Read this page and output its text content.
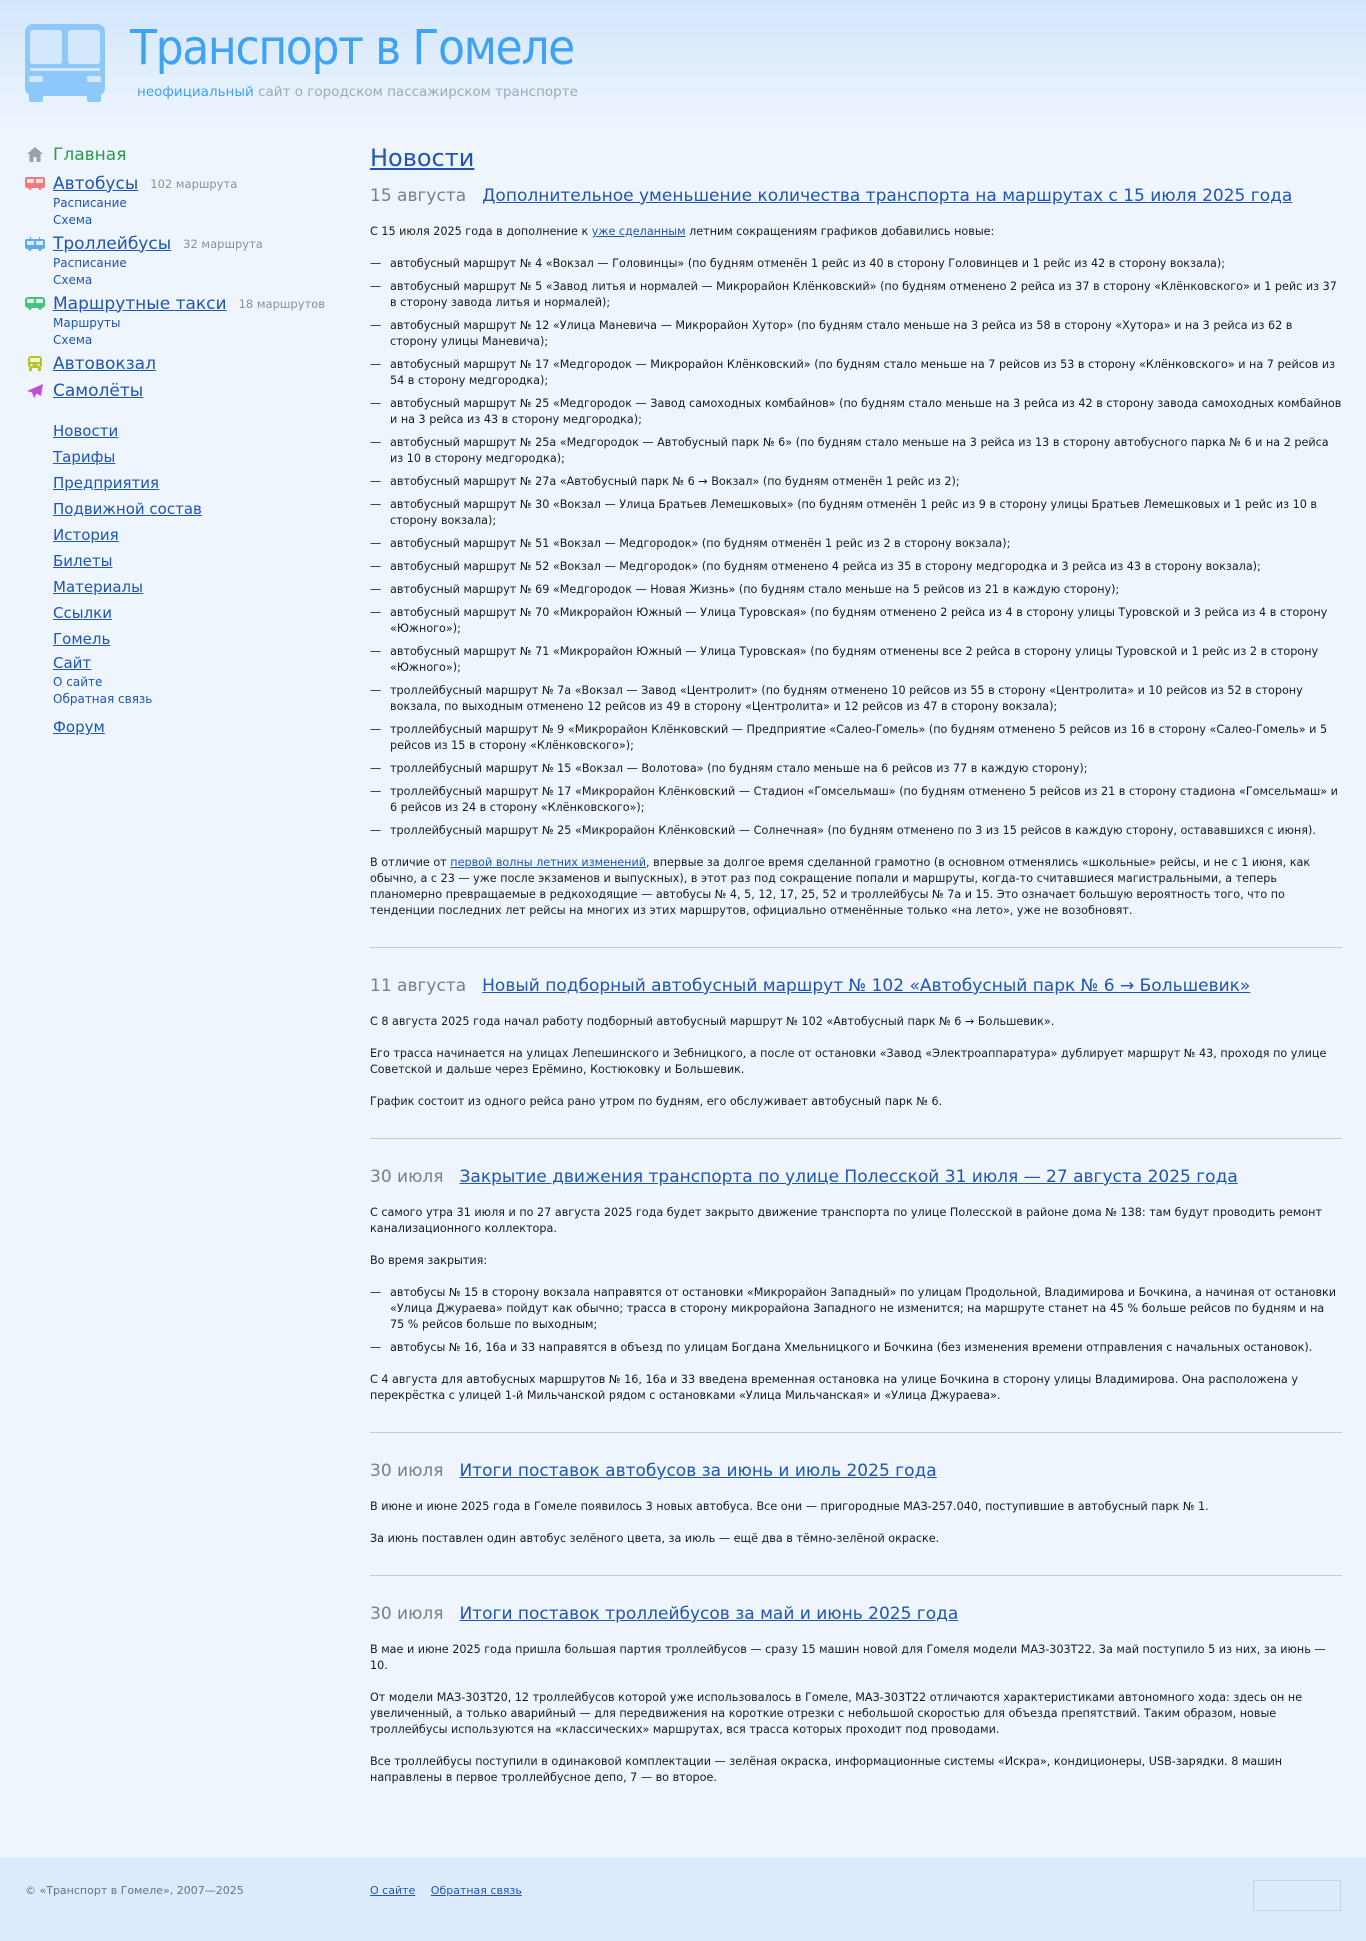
Транспорт в Гомеле
неофициальный сайт о городском пассажирском транспорте
Главная
Автобусы 102 маршрута
Расписание
Схема
Троллейбусы 32 маршрута
Расписание
Схема
Маршрутные такси 18 маршрутов
Маршруты
Схема
Автовокзал
Самолёты
Новости
Тарифы
Предприятия
Подвижной состав
История
Билеты
Материалы
Ссылки
Гомель
Сайт
О сайте
Обратная связь
Форум
Новости
15 августа Дополнительное уменьшение количества транспорта на маршрутах с 15 июля 2025 года

С 15 июля 2025 года в дополнение к уже сделанным летним сокращениям графиков добавились новые:

— автобусный маршрут № 4 «Вокзал — Головинцы» (по будням отменён 1 рейс из 40 в сторону Головинцев и 1 рейс из 42 в сторону вокзала);
— автобусный маршрут № 5 «Завод литья и нормалей — Микрорайон Клёнковский» (по будням отменено 2 рейса из 37 в сторону «Клёнковского» и 1 рейс из 37 в сторону завода литья и нормалей);
— автобусный маршрут № 12 «Улица Маневича — Микрорайон Хутор» (по будням стало меньше на 3 рейса из 58 в сторону «Хутора» и на 3 рейса из 62 в сторону улицы Маневича);
— автобусный маршрут № 17 «Медгородок — Микрорайон Клёнковский» (по будням стало меньше на 7 рейсов из 53 в сторону «Клёнковского» и на 7 рейсов из 54 в сторону медгородка);
— автобусный маршрут № 25 «Медгородок — Завод самоходных комбайнов» (по будням стало меньше на 3 рейса из 42 в сторону завода самоходных комбайнов и на 3 рейса из 43 в сторону медгородка);
— автобусный маршрут № 25а «Медгородок — Автобусный парк № 6» (по будням стало меньше на 3 рейса из 13 в сторону автобусного парка № 6 и на 2 рейса из 10 в сторону медгородка);
— автобусный маршрут № 27а «Автобусный парк № 6 → Вокзал» (по будням отменён 1 рейс из 2);
— автобусный маршрут № 30 «Вокзал — Улица Братьев Лемешковых» (по будням отменён 1 рейс из 9 в сторону улицы Братьев Лемешковых и 1 рейс из 10 в сторону вокзала);
— автобусный маршрут № 51 «Вокзал — Медгородок» (по будням отменён 1 рейс из 2 в сторону вокзала);
— автобусный маршрут № 52 «Вокзал — Медгородок» (по будням отменено 4 рейса из 35 в сторону медгородка и 3 рейса из 43 в сторону вокзала);
— автобусный маршрут № 69 «Медгородок — Новая Жизнь» (по будням стало меньше на 5 рейсов из 21 в каждую сторону);
— автобусный маршрут № 70 «Микрорайон Южный — Улица Туровская» (по будням отменено 2 рейса из 4 в сторону улицы Туровской и 3 рейса из 4 в сторону «Южного»);
— автобусный маршрут № 71 «Микрорайон Южный — Улица Туровская» (по будням отменены все 2 рейса в сторону улицы Туровской и 1 рейс из 2 в сторону «Южного»);
— троллейбусный маршрут № 7а «Вокзал — Завод «Центролит» (по будням отменено 10 рейсов из 55 в сторону «Центролита» и 10 рейсов из 52 в сторону вокзала, по выходным отменено 12 рейсов из 49 в сторону «Центролита» и 12 рейсов из 47 в сторону вокзала);
— троллейбусный маршрут № 9 «Микрорайон Клёнковский — Предприятие «Салео-Гомель» (по будням отменено 5 рейсов из 16 в сторону «Салео-Гомель» и 5 рейсов из 15 в сторону «Клёнковского»);
— троллейбусный маршрут № 15 «Вокзал — Волотова» (по будням стало меньше на 6 рейсов из 77 в каждую сторону);
— троллейбусный маршрут № 17 «Микрорайон Клёнковский — Стадион «Гомсельмаш» (по будням отменено 5 рейсов из 21 в сторону стадиона «Гомсельмаш» и 6 рейсов из 24 в сторону «Клёнковского»);
— троллейбусный маршрут № 25 «Микрорайон Клёнковский — Солнечная» (по будням отменено по 3 из 15 рейсов в каждую сторону, остававшихся с июня).

В отличие от первой волны летних изменений, впервые за долгое время сделанной грамотно (в основном отменялись «школьные» рейсы, и не с 1 июня, как обычно, а с 23 — уже после экзаменов и выпускных), в этот раз под сокращение попали и маршруты, когда-то считавшиеся магистральными, а теперь планомерно превращаемые в редкоходящие — автобусы № 4, 5, 12, 17, 25, 52 и троллейбусы № 7а и 15. Это означает большую вероятность того, что по тенденции последних лет рейсы на многих из этих маршрутов, официально отменённые только «на лето», уже не возобновят.

11 августа Новый подборный автобусный маршрут № 102 «Автобусный парк № 6 → Большевик»

С 8 августа 2025 года начал работу подборный автобусный маршрут № 102 «Автобусный парк № 6 → Большевик».

Его трасса начинается на улицах Лепешинского и Зебницкого, а после от остановки «Завод «Электроаппаратура» дублирует маршрут № 43, проходя по улице Советской и дальше через Ерёмино, Костюковку и Большевик.

График состоит из одного рейса рано утром по будням, его обслуживает автобусный парк № 6.

30 июля Закрытие движения транспорта по улице Полесской 31 июля — 27 августа 2025 года

С самого утра 31 июля и по 27 августа 2025 года будет закрыто движение транспорта по улице Полесской в районе дома № 138: там будут проводить ремонт канализационного коллектора.

Во время закрытия:

— автобусы № 15 в сторону вокзала направятся от остановки «Микрорайон Западный» по улицам Продольной, Владимирова и Бочкина, а начиная от остановки «Улица Джураева» пойдут как обычно; трасса в сторону микрорайона Западного не изменится; на маршруте станет на 45 % больше рейсов по будням и на 75 % рейсов больше по выходным;
— автобусы № 16, 16а и 33 направятся в объезд по улицам Богдана Хмельницкого и Бочкина (без изменения времени отправления с начальных остановок).

С 4 августа для автобусных маршрутов № 16, 16а и 33 введена временная остановка на улице Бочкина в сторону улицы Владимирова. Она расположена у перекрёстка с улицей 1-й Мильчанской рядом с остановками «Улица Мильчанская» и «Улица Джураева».

30 июля Итоги поставок автобусов за июнь и июль 2025 года

В июне и июне 2025 года в Гомеле появилось 3 новых автобуса. Все они — пригородные МАЗ-257.040, поступившие в автобусный парк № 1.

За июнь поставлен один автобус зелёного цвета, за июль — ещё два в тёмно-зелёной окраске.

30 июля Итоги поставок троллейбусов за май и июнь 2025 года

В мае и июне 2025 года пришла большая партия троллейбусов — сразу 15 машин новой для Гомеля модели МАЗ-303Т22. За май поступило 5 из них, за июнь — 10.

От модели МАЗ-303Т20, 12 троллейбусов которой уже использовалось в Гомеле, МАЗ-303Т22 отличаются характеристиками автономного хода: здесь он не увеличенный, а только аварийный — для передвижения на короткие отрезки с небольшой скоростью для объезда препятствий. Таким образом, новые троллейбусы используются на «классических» маршрутах, вся трасса которых проходит под проводами.

Все троллейбусы поступили в одинаковой комплектации — зелёная окраска, информационные системы «Искра», кондиционеры, USB-зарядки. 8 машин направлены в первое троллейбусное депо, 7 — во второе.

© «Транспорт в Гомеле», 2007—2025	О сайте Обратная связь
